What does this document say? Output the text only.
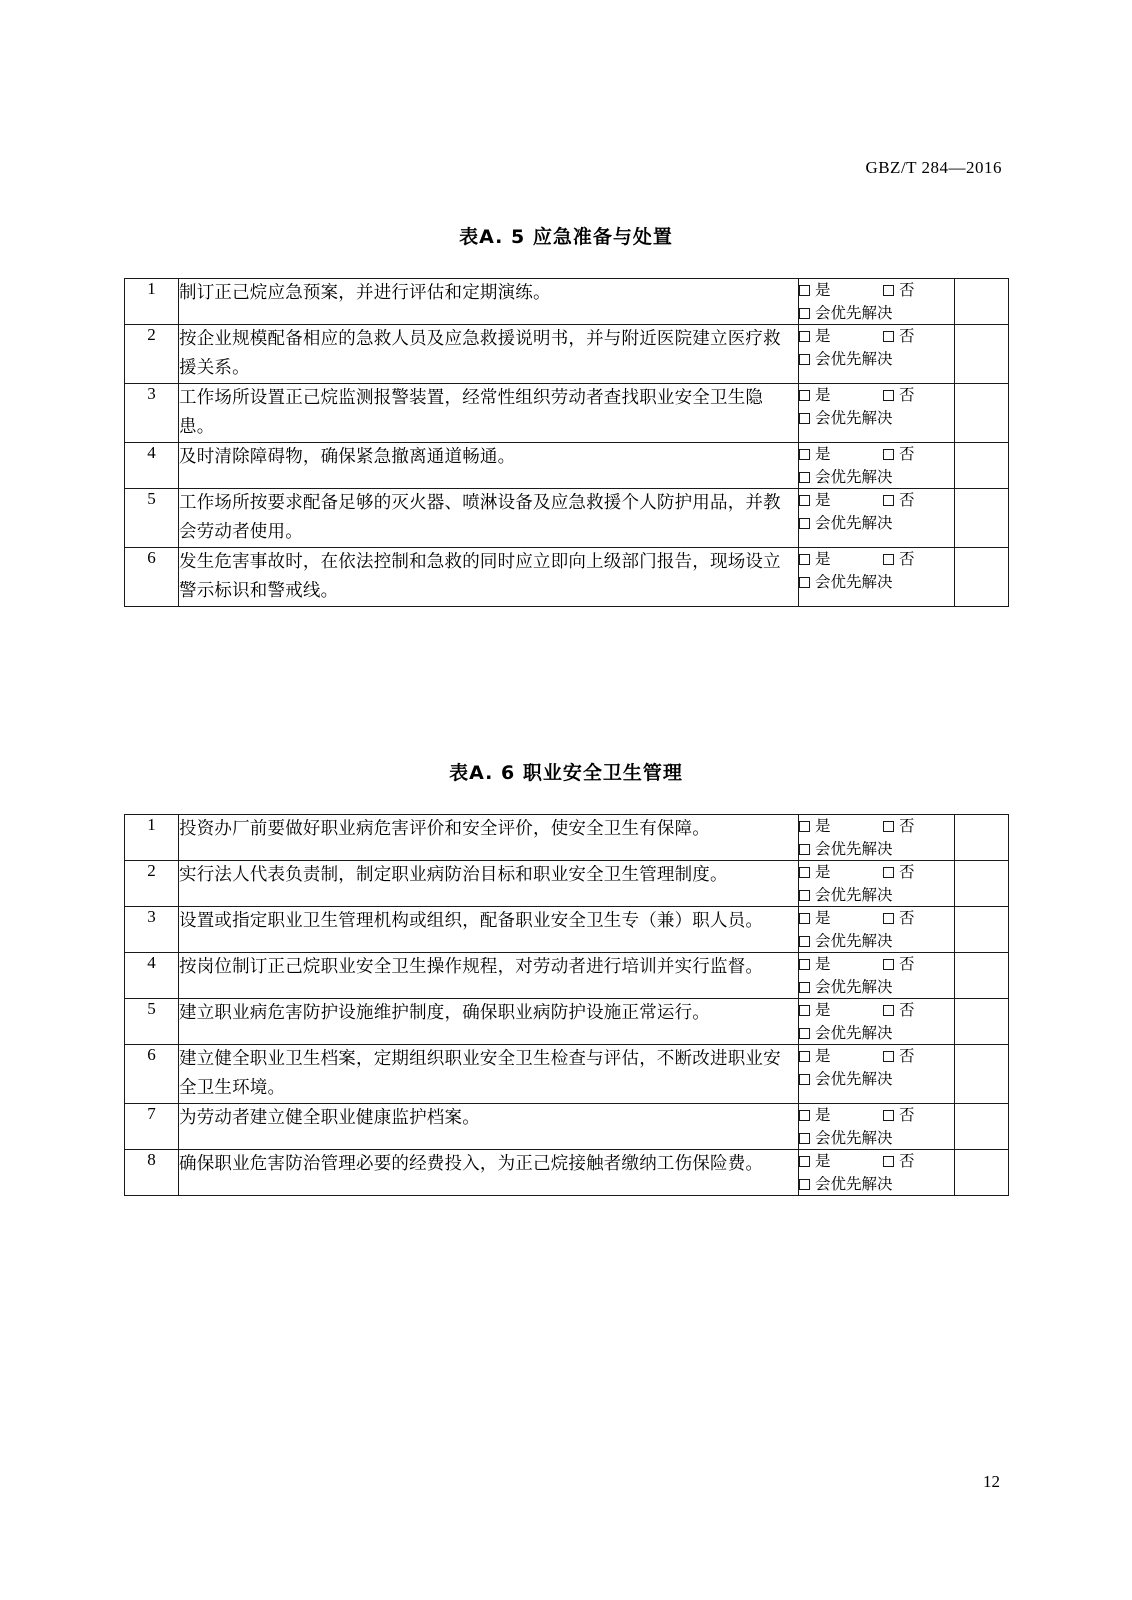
GBZ/T 284—2016
表A. 5 应急准备与处置
1	制订正己烷应急预案，并进行评估和定期演练。	是 否
会优先解决	

2	按企业规模配备相应的急救人员及应急救援说明书，并与附近医院建立医疗救援关系。	是 否
会优先解决	

3	工作场所设置正己烷监测报警装置，经常性组织劳动者查找职业安全卫生隐患。	是 否
会优先解决	

4	及时清除障碍物，确保紧急撤离通道畅通。	是 否
会优先解决	

5	工作场所按要求配备足够的灭火器、喷淋设备及应急救援个人防护用品，并教会劳动者使用。	是 否
会优先解决	

6	发生危害事故时，在依法控制和急救的同时应立即向上级部门报告，现场设立警示标识和警戒线。	是 否
会优先解决	

表A. 6 职业安全卫生管理
1	投资办厂前要做好职业病危害评价和安全评价，使安全卫生有保障。	是 否
会优先解决	

2	实行法人代表负责制，制定职业病防治目标和职业安全卫生管理制度。	是 否
会优先解决	

3	设置或指定职业卫生管理机构或组织，配备职业安全卫生专（兼）职人员。	是 否
会优先解决	

4	按岗位制订正己烷职业安全卫生操作规程，对劳动者进行培训并实行监督。	是 否
会优先解决	

5	建立职业病危害防护设施维护制度，确保职业病防护设施正常运行。	是 否
会优先解决	

6	建立健全职业卫生档案，定期组织职业安全卫生检查与评估，不断改进职业安全卫生环境。	是 否
会优先解决	

7	为劳动者建立健全职业健康监护档案。	是 否
会优先解决	

8	确保职业危害防治管理必要的经费投入，为正己烷接触者缴纳工伤保险费。	是 否
会优先解决	

12
